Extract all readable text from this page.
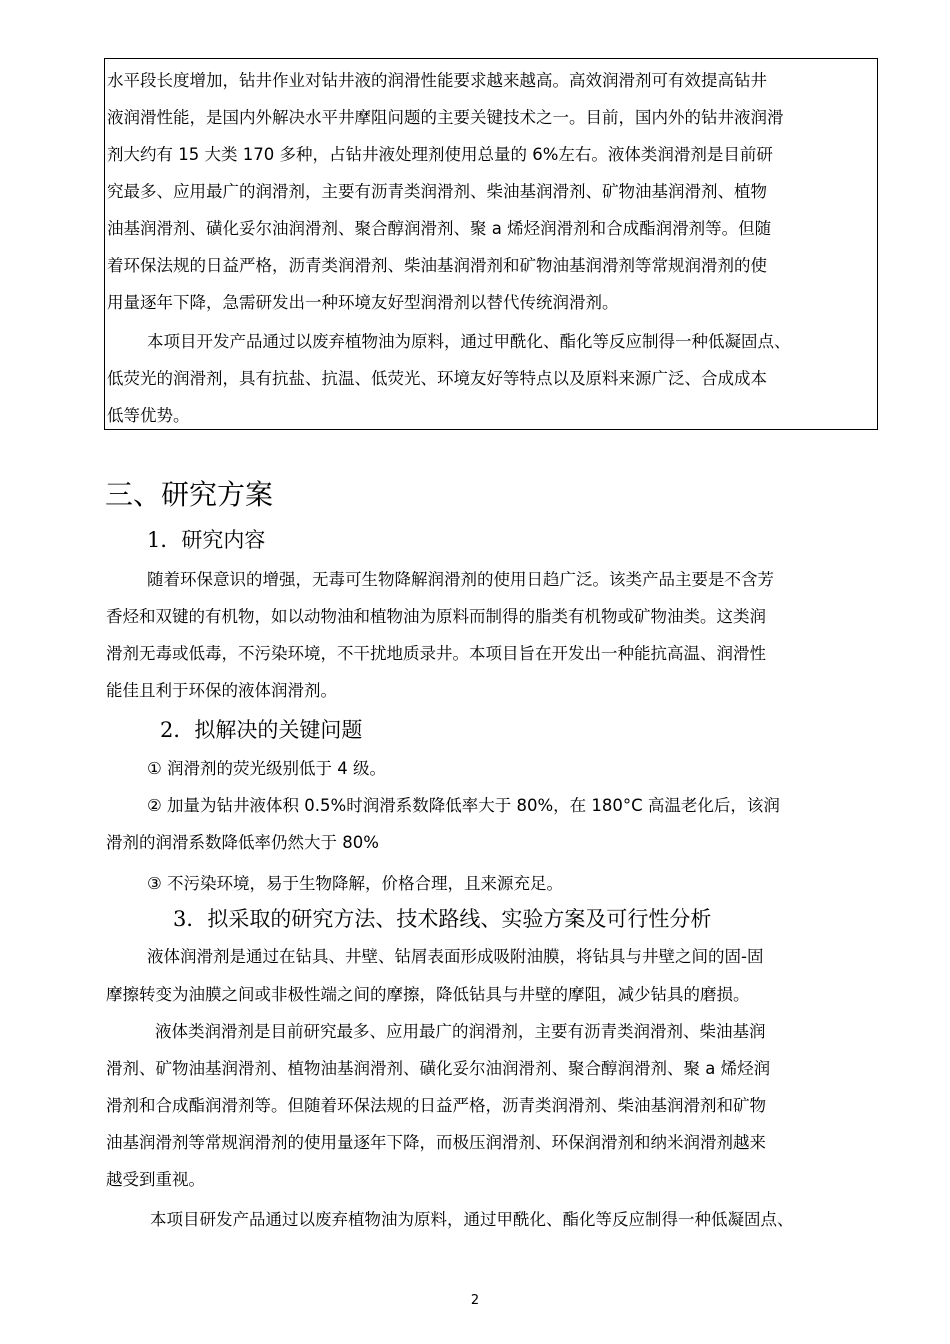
水平段长度增加，钻井作业对钻井液的润滑性能要求越来越高。高效润滑剂可有效提高钻井
液润滑性能，是国内外解决水平井摩阻问题的主要关键技术之一。目前，国内外的钻井液润滑
剂大约有 15 大类 170 多种，占钻井液处理剂使用总量的 6%左右。液体类润滑剂是目前研
究最多、应用最广的润滑剂，主要有沥青类润滑剂、柴油基润滑剂、矿物油基润滑剂、植物
油基润滑剂、磺化妥尔油润滑剂、聚合醇润滑剂、聚 a 烯烃润滑剂和合成酯润滑剂等。但随
着环保法规的日益严格，沥青类润滑剂、柴油基润滑剂和矿物油基润滑剂等常规润滑剂的使
用量逐年下降，急需研发出一种环境友好型润滑剂以替代传统润滑剂。
本项目开发产品通过以废弃植物油为原料，通过甲酰化、酯化等反应制得一种低凝固点、
低荧光的润滑剂，具有抗盐、抗温、低荧光、环境友好等特点以及原料来源广泛、合成成本
低等优势。
三、研究方案
1．研究内容
随着环保意识的增强，无毒可生物降解润滑剂的使用日趋广泛。该类产品主要是不含芳
香烃和双键的有机物，如以动物油和植物油为原料而制得的脂类有机物或矿物油类。这类润
滑剂无毒或低毒，不污染环境，不干扰地质录井。本项目旨在开发出一种能抗高温、润滑性
能佳且利于环保的液体润滑剂。
2．拟解决的关键问题
① 润滑剂的荧光级别低于 4 级。
② 加量为钻井液体积 0.5%时润滑系数降低率大于 80%，在 180°C 高温老化后，该润
滑剂的润滑系数降低率仍然大于 80%
③ 不污染环境，易于生物降解，价格合理，且来源充足。
3．拟采取的研究方法、技术路线、实验方案及可行性分析
液体润滑剂是通过在钻具、井壁、钻屑表面形成吸附油膜，将钻具与井壁之间的固-固
摩擦转变为油膜之间或非极性端之间的摩擦，降低钻具与井壁的摩阻，减少钻具的磨损。
液体类润滑剂是目前研究最多、应用最广的润滑剂，主要有沥青类润滑剂、柴油基润
滑剂、矿物油基润滑剂、植物油基润滑剂、磺化妥尔油润滑剂、聚合醇润滑剂、聚 a 烯烃润
滑剂和合成酯润滑剂等。但随着环保法规的日益严格，沥青类润滑剂、柴油基润滑剂和矿物
油基润滑剂等常规润滑剂的使用量逐年下降，而极压润滑剂、环保润滑剂和纳米润滑剂越来
越受到重视。
本项目研发产品通过以废弃植物油为原料，通过甲酰化、酯化等反应制得一种低凝固点、
2
